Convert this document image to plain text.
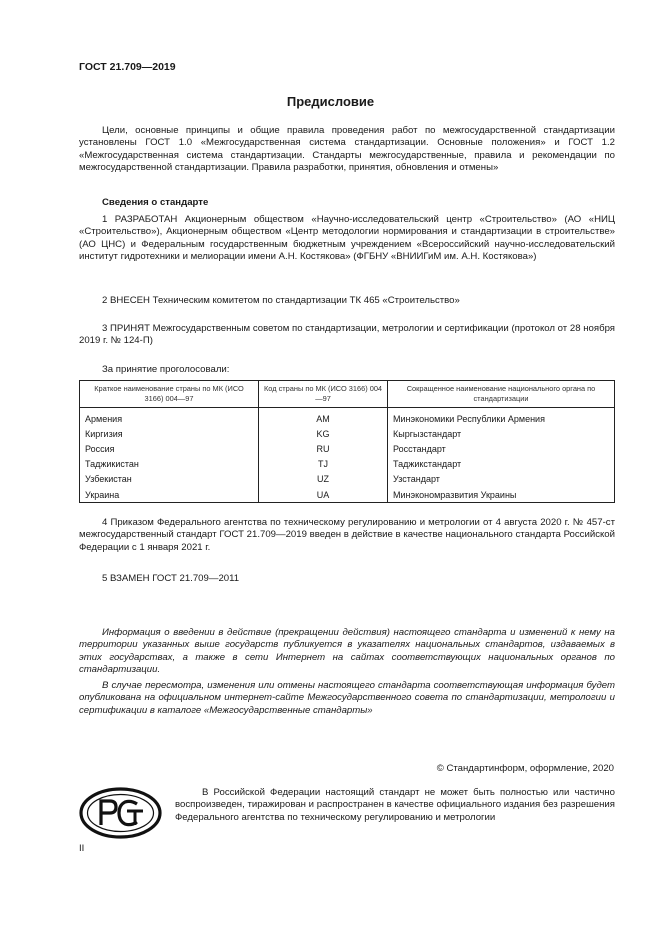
ГОСТ 21.709—2019
Предисловие

Цели, основные принципы и общие правила проведения работ по межгосударственной стандартизации установлены ГОСТ 1.0 «Межгосударственная система стандартизации. Основные положения» и ГОСТ 1.2 «Межгосударственная система стандартизации. Стандарты межгосударственные, правила и рекомендации по межгосударственной стандартизации. Правила разработки, принятия, обновления и отмены»

Сведения о стандарте

1 РАЗРАБОТАН Акционерным обществом «Научно-исследовательский центр «Строительство» (АО «НИЦ «Строительство»), Акционерным обществом «Центр методологии нормирования и стандартизации в строительстве» (АО ЦНС) и Федеральным государственным бюджетным учреждением «Всероссийский научно-исследовательский институт гидротехники и мелиорации имени А.Н. Костякова» (ФГБНУ «ВНИИГиМ им. А.Н. Костякова»)

2 ВНЕСЕН Техническим комитетом по стандартизации ТК 465 «Строительство»

3 ПРИНЯТ Межгосударственным советом по стандартизации, метрологии и сертификации (протокол от 28 ноября 2019 г. № 124-П)

За принятие проголосовали:
Краткое наименование страны по МК (ИСО 3166) 004—97	Код страны по МК (ИСО 3166) 004—97	Сокращенное наименование национального органа по стандартизации
Армения	AM	Минэкономики Республики Армения
Киргизия	KG	Кыргызстандарт
Россия	RU	Росстандарт
Таджикистан	TJ	Таджикстандарт
Узбекистан	UZ	Узстандарт
Украина	UA	Минэкономразвития Украины

4 Приказом Федерального агентства по техническому регулированию и метрологии от 4 августа 2020 г. № 457-ст межгосударственный стандарт ГОСТ 21.709—2019 введен в действие в качестве национального стандарта Российской Федерации с 1 января 2021 г.

5 ВЗАМЕН ГОСТ 21.709—2011

Информация о введении в действие (прекращении действия) настоящего стандарта и изменений к нему на территории указанных выше государств публикуется в указателях национальных стандартов, издаваемых в этих государствах, а также в сети Интернет на сайтах соответствующих национальных органов по стандартизации.

В случае пересмотра, изменения или отмены настоящего стандарта соответствующая информация будет опубликована на официальном интернет-сайте Межгосударственного совета по стандартизации, метрологии и сертификации в каталоге «Межгосударственные стандарты»

© Стандартинформ, оформление, 2020

В Российской Федерации настоящий стандарт не может быть полностью или частично воспроизведен, тиражирован и распространен в качестве официального издания без разрешения Федерального агентства по техническому регулированию и метрологии

II
